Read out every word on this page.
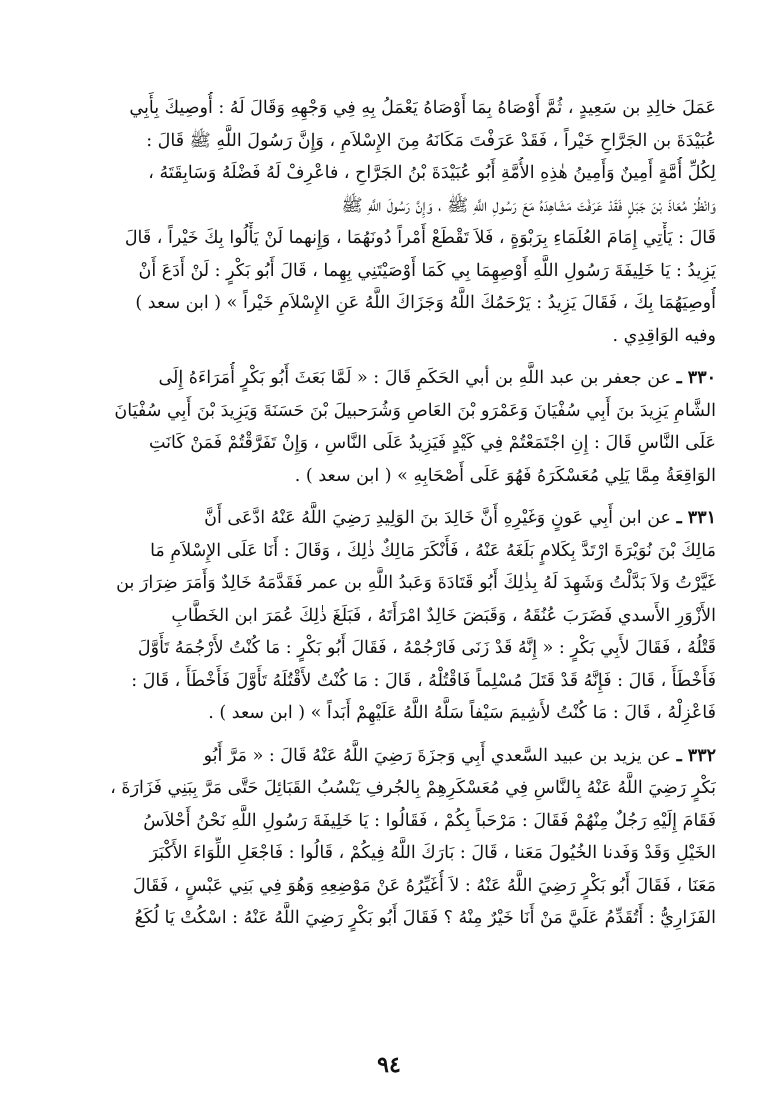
عَمَلَ خالِدِ بن سَعِيدٍ ، ثُمَّ أَوْصَاهُ بِمَا أَوْصَاهُ يَعْمَلُ بِهِ فِي وَجْهِهِ وَقَالَ لَهُ : أُوصِيكَ بِأَبِي
عُبَيْدَةَ بن الجَرَّاحِ خَيْراً ، فَقَدْ عَرَفْتَ مَكَانَهُ مِنَ الإِسْلاَمِ ، وَإِنَّ رَسُولَ اللَّهِ ﷺ قَالَ :
لِكُلِّ أُمَّةٍ أَمِينٌ وَأَمِينُ هٰذِهِ الأُمَّةِ أَبُو عُبَيْدَةَ بْنُ الجَرَّاحِ ، فاعْرِفْ لَهُ فَضْلَهُ وَسَابِقَتَهُ ،
وَانْظُرْ مُعَاذَ بْنَ جَبَلٍ فَقَدْ عَرَفْتَ مَشَاهِدَهُ مَعَ رَسُولِ اللَّهِ ﷺ ، وَإِنَّ رَسُولَ اللَّهِ ﷺ
قَالَ : يَأْتِي إِمَامَ العُلَمَاءِ بِرَبْوَةٍ ، فَلاَ تَقْطَعْ أَمْراً دُونَهُمَا ، وَإِنهما لَنْ يَأْلُوا بِكَ خَيْراً ، قَالَ
يَزِيدُ : يَا خَلِيفَةَ رَسُولِ اللَّهِ أَوْصِهِمَا بِي كَمَا أَوْصَيْتَنِي بِهِما ، قَالَ أَبُو بَكْرٍ : لَنْ أَدَعَ أَنْ
أُوصِيَهُمَا بِكَ ، فَقَالَ يَزِيدُ : يَرْحَمُكَ اللَّهُ وَجَزَاكَ اللَّهُ عَنِ الإِسْلاَمِ خَيْراً » ( ابن سعد )
وفيه الوَاقِدِي .

٣٣٠ ـ عن جعفر بن عبد اللَّهِ بن أبي الحَكَمِ قَالَ : « لَمَّا بَعَثَ أَبُو بَكْرٍ أُمَرَاءَهُ إِلَى
الشَّامِ يَزِيدَ بنَ أَبِي سُفْيَانَ وَعَمْرَو بْنَ العَاصِ وَشُرَحبيلَ بْنَ حَسَنَةَ وَيَزِيدَ بْنَ أَبِي سُفْيَانَ
عَلَى النَّاسِ قَالَ : إِنِ اجْتَمَعْتُمْ فِي كَيْدٍ فَيَزِيدُ عَلَى النَّاسِ ، وَإِنْ تَفَرَّقْتُمْ فَمَنْ كَانَتِ
الوَاقِعَةُ مِمَّا يَلِي مُعَسْكَرَهُ فَهُوَ عَلَى أَصْحَابِهِ » ( ابن سعد ) .

٣٣١ ـ عن ابن أَبِي عَونٍ وَغَيْرِهِ أَنَّ خَالِدَ بنَ الوَلِيدِ رَضِيَ اللَّهُ عَنْهُ ادَّعَى أَنَّ
مَالِكَ بْنَ نُوَيْرَةَ ارْتَدَّ بِكَلامٍ بَلَغَهُ عَنْهُ ، فَأَنْكَرَ مَالِكٌ ذٰلِكَ ، وَقَالَ : أَنَا عَلَى الإِسْلاَمِ مَا
غَيَّرْتُ وَلاَ بَدَّلْتُ وَشَهِدَ لَهُ بِذٰلِكَ أَبُو قَتَادَةَ وَعَبدُ اللَّهِ بن عمر فَقَدَّمَهُ خَالِدٌ وَأَمَرَ ضِرَارَ بن
الأَزْوَرِ الأَسدي فَضَرَبَ عُنُقَهُ ، وَقَبَضَ خَالِدٌ امْرَأَتَهُ ، فَبَلَغَ ذٰلِكَ عُمَرَ ابن الخَطَّابِ
قَتْلُهُ ، فَقَالَ لأَبِي بَكْرٍ : « إِنَّهُ قَدْ زَنَى فَارْجُمْهُ ، فَقَالَ أَبُو بَكْرٍ : مَا كُنْتُ لأَرْجُمَهُ تَأَوَّلَ
فَأَخْطَأَ ، قَالَ : فَإِنَّهُ قَدْ قَتَلَ مُسْلِماً فَاقْتُلْهُ ، قَالَ : مَا كُنْتُ لأَقْتُلَهُ تَأَوَّلَ فَأَخْطَأَ ، قَالَ :
فَاعْزِلْهُ ، قَالَ : مَا كُنْتُ لأَشِيمَ سَيْفاً سَلَّهُ اللَّهُ عَلَيْهِمْ أَبَداً » ( ابن سعد ) .

٣٣٢ ـ عن يزيد بن عبيد السَّعدي أَبِي وَجزَةَ رَضِيَ اللَّهُ عَنْهُ قَالَ : « مَرَّ أَبُو
بَكْرٍ رَضِيَ اللَّهُ عَنْهُ بِالنَّاسِ فِي مُعَسْكَرِهِمْ بِالجُرفِ يَنْسُبُ القَبَائِلَ حَتَّى مَرَّ بِبَنِي فَزَارَةَ ،
فَقَامَ إِلَيْهِ رَجُلٌ مِنْهُمْ فَقَالَ : مَرْحَباً بِكُمْ ، فَقَالُوا : يَا خَلِيفَةَ رَسُولِ اللَّهِ نَحْنُ أَحْلاَسُ
الخَيْلِ وَقَدْ وَفَدنا الخُيُولَ مَعَنا ، قَالَ : بَارَكَ اللَّهُ فِيكُمْ ، قَالُوا : فَاجْعَلِ اللِّوَاءَ الأَكْبَرَ
مَعَنَا ، فَقَالَ أَبُو بَكْرٍ رَضِيَ اللَّهُ عَنْهُ : لاَ أُغَيِّرُهُ عَنْ مَوْضِعِهِ وَهُوَ فِي بَنِي عَبْسٍ ، فَقَالَ
الفَزَارِيُّ : أَتُقَدِّمُ عَلَيَّ مَنْ أَنَا خَيْرٌ مِنْهُ ؟ فَقَالَ أَبُو بَكْرٍ رَضِيَ اللَّهُ عَنْهُ : اسْكُتْ يَا لُكَعُ

٩٤
